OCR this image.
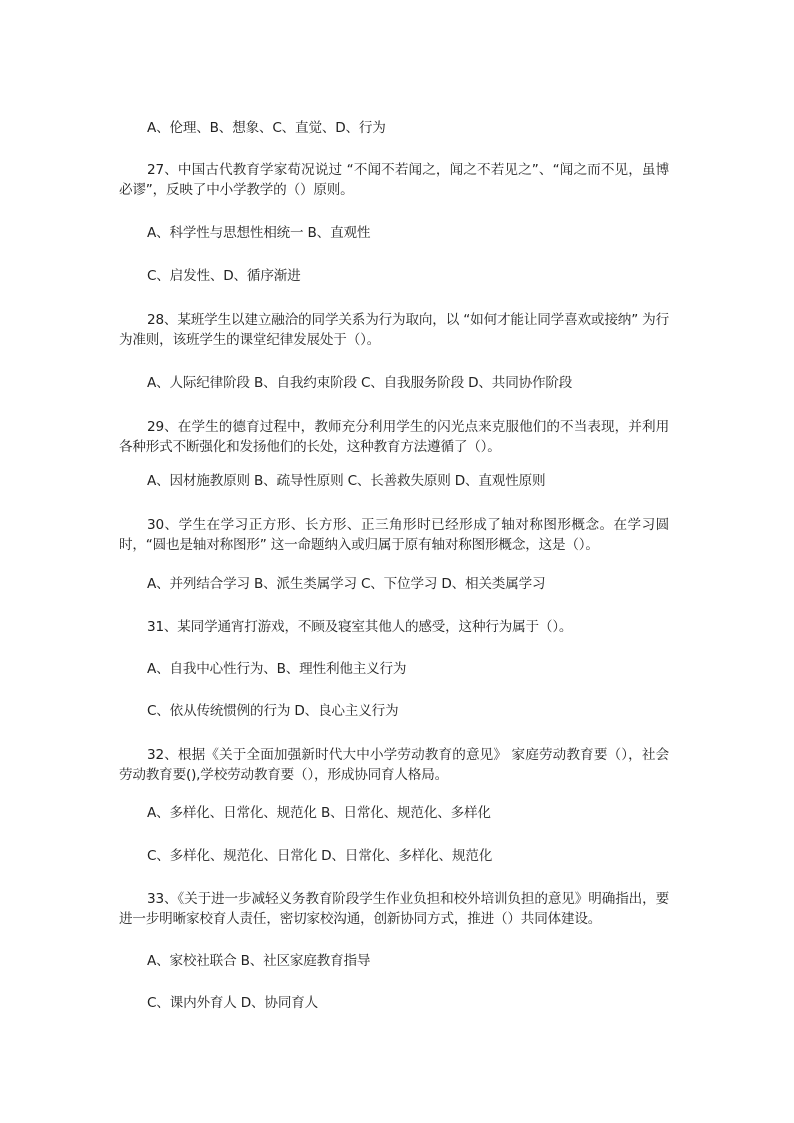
A、伦理、B、想象、C、直觉、D、行为

27、中国古代教育学家荀况说过 “不闻不若闻之，闻之不若见之”、“闻之而不见，虽博必谬”，反映了中小学教学的（）原则。

A、科学性与思想性相统一 B、直观性

C、启发性、D、循序渐进

28、某班学生以建立融洽的同学关系为行为取向，以 “如何才能让同学喜欢或接纳” 为行为准则，该班学生的课堂纪律发展处于（）。

A、人际纪律阶段 B、自我约束阶段 C、自我服务阶段 D、共同协作阶段

29、在学生的德育过程中，教师充分利用学生的闪光点来克服他们的不当表现，并利用各种形式不断强化和发扬他们的长处，这种教育方法遵循了（）。

A、因材施教原则 B、疏导性原则 C、长善救失原则 D、直观性原则

30、学生在学习正方形、长方形、正三角形时已经形成了轴对称图形概念。在学习圆时，“圆也是轴对称图形” 这一命题纳入或归属于原有轴对称图形概念，这是（）。

A、并列结合学习 B、派生类属学习 C、下位学习 D、相关类属学习

31、某同学通宵打游戏，不顾及寝室其他人的感受，这种行为属于（）。

A、自我中心性行为、B、理性利他主义行为

C、依从传统惯例的行为 D、良心主义行为

32、根据《关于全面加强新时代大中小学劳动教育的意见》 家庭劳动教育要（），社会劳动教育要(),学校劳动教育要（），形成协同育人格局。

A、多样化、日常化、规范化 B、日常化、规范化、多样化

C、多样化、规范化、日常化 D、日常化、多样化、规范化

33、《关于进一步减轻义务教育阶段学生作业负担和校外培训负担的意见》明确指出，要进一步明晰家校育人责任，密切家校沟通，创新协同方式，推进（）共同体建设。

A、家校社联合 B、社区家庭教育指导

C、课内外育人 D、协同育人
